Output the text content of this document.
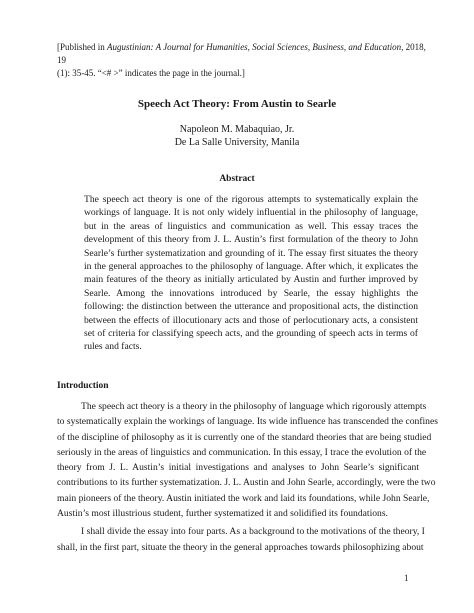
[Published in Augustinian: A Journal for Humanities, Social Sciences, Business, and Education, 2018, 19
(1): 35-45. “<# >” indicates the page in the journal.]
Speech Act Theory: From Austin to Searle
Napoleon M. Mabaquiao, Jr.
De La Salle University, Manila
Abstract
The speech act theory is one of the rigorous attempts to systematically explain the
workings of language. It is not only widely influential in the philosophy of language,
but in the areas of linguistics and communication as well. This essay traces the
development of this theory from J. L. Austin’s first formulation of the theory to John
Searle’s further systematization and grounding of it. The essay first situates the theory
in the general approaches to the philosophy of language. After which, it explicates the
main features of the theory as initially articulated by Austin and further improved by
Searle. Among the innovations introduced by Searle, the essay highlights the
following: the distinction between the utterance and propositional acts, the distinction
between the effects of illocutionary acts and those of perlocutionary acts, a consistent
set of criteria for classifying speech acts, and the grounding of speech acts in terms of
rules and facts.
Introduction
The speech act theory is a theory in the philosophy of language which rigorously attempts
to systematically explain the workings of language. Its wide influence has transcended the confines
of the discipline of philosophy as it is currently one of the standard theories that are being studied
seriously in the areas of linguistics and communication. In this essay, I trace the evolution of the
theory from J. L. Austin’s initial investigations and analyses to John Searle’s significant
contributions to its further systematization. J. L. Austin and John Searle, accordingly, were the two
main pioneers of the theory. Austin initiated the work and laid its foundations, while John Searle,
Austin’s most illustrious student, further systematized it and solidified its foundations.
I shall divide the essay into four parts. As a background to the motivations of the theory, I
shall, in the first part, situate the theory in the general approaches towards philosophizing about
1
